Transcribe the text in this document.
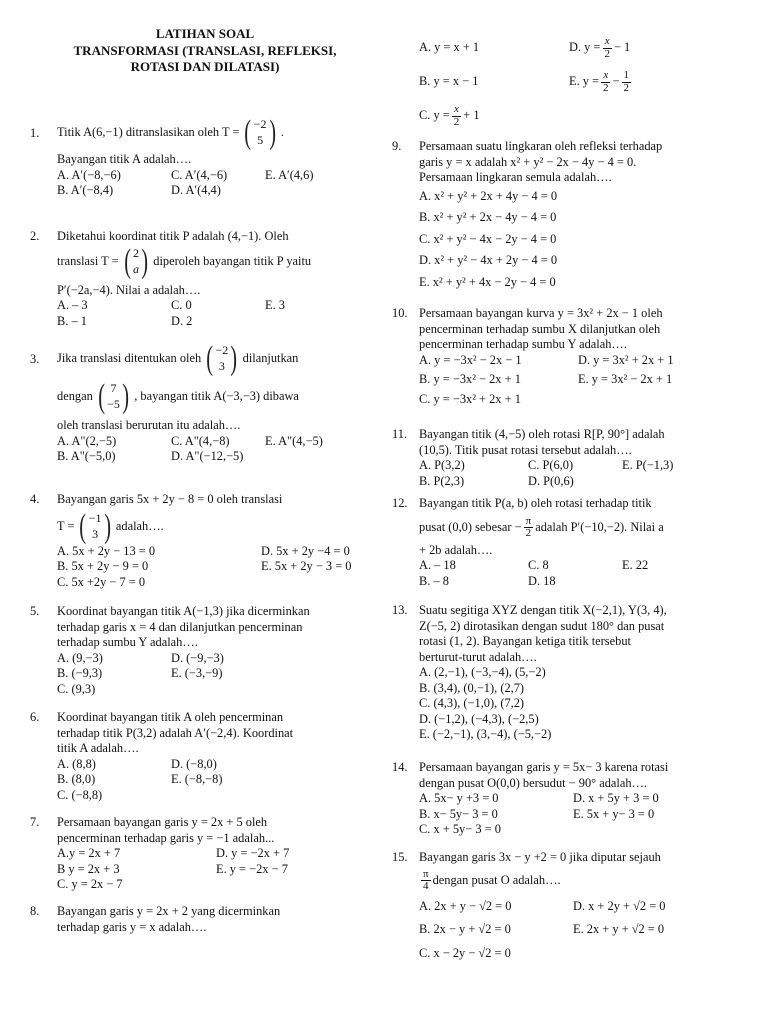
LATIHAN SOAL
TRANSFORMASI (TRANSLASI, REFLEKSI,
ROTASI DAN DILATASI)
1.	Titik A(6,−1) ditranslasikan oleh T = ( −2
5 ) .
Bayangan titik A adalah….
A. A′(−8,−6)	C. A′(4,−6)	E. A′(4,6)
B. A′(−8,4)	D. A′(4,4)
2.	Diketahui koordinat titik P adalah (4,−1). Oleh
translasi T = ( 2
a ) diperoleh bayangan titik P yaitu
P′(−2a,−4). Nilai a adalah….
A. – 3	C. 0	E. 3
B. – 1	D. 2
3.	Jika translasi ditentukan oleh ( −2
3 ) dilanjutkan

dengan ( 7
−5 ) , bayangan titik A(−3,−3) dibawa
oleh translasi berurutan itu adalah….
A. A"(2,−5)	C. A"(4,−8)	E. A"(4,−5)
B. A"(−5,0)	D. A"(−12,−5)
4.	Bayangan garis 5x + 2y − 8 = 0 oleh translasi
T = ( −1
3 ) adalah….
A. 5x + 2y − 13 = 0	D. 5x + 2y −4 = 0
B. 5x + 2y − 9 = 0	E. 5x + 2y − 3 = 0
C. 5x +2y − 7 = 0
5.	Koordinat bayangan titik A(−1,3) jika dicerminkan
terhadap garis x = 4 dan dilanjutkan pencerminan
terhadap sumbu Y adalah….
A. (9,−3)	D. (−9,−3)
B. (−9,3)	E. (−3,−9)
C. (9,3)
6.	Koordinat bayangan titik A oleh pencerminan
terhadap titik P(3,2) adalah A′(−2,4). Koordinat
titik A adalah….
A. (8,8)	D. (−8,0)
B. (8,0)	E. (−8,−8)
C. (−8,8)
7.	Persamaan bayangan garis y = 2x + 5 oleh
pencerminan terhadap garis y = −1 adalah...
A.y = 2x + 7	D. y = −2x + 7
B y = 2x + 3	E. y = −2x − 7
C. y = 2x − 7
8.	Bayangan garis y = 2x + 2 yang dicerminkan
terhadap garis y = x adalah….
A. y = x + 1	D. $y = \frac{x}{2} - 1$
B. y = x − 1	E. $y = \frac{x}{2} - \frac{1}{2}$
C. $y = \frac{x}{2} + 1$
9.	Persamaan suatu lingkaran oleh refleksi terhadap
garis y = x adalah x² + y² − 2x − 4y − 4 = 0.
Persamaan lingkaran semula adalah….
A. x² + y² + 2x + 4y − 4 = 0
B. x² + y² + 2x − 4y − 4 = 0
C. x² + y² − 4x − 2y − 4 = 0
D. x² + y² − 4x + 2y − 4 = 0
E. x² + y² + 4x − 2y − 4 = 0
10. Persamaan bayangan kurva y = 3x² + 2x − 1 oleh
pencerminan terhadap sumbu X dilanjutkan oleh
pencerminan terhadap sumbu Y adalah….
A. y = −3x² − 2x − 1	D. y = 3x² + 2x + 1
B. y = −3x² − 2x + 1	E. y = 3x² − 2x + 1
C. y = −3x² + 2x + 1
11. Bayangan titik (4,−5) oleh rotasi R[P, 90°] adalah
(10,5). Titik pusat rotasi tersebut adalah….
A. P(3,2)	C. P(6,0)	E. P(−1,3)
B. P(2,3)	D. P(0,6)
12. Bayangan titik P(a, b) oleh rotasi terhadap titik
pusat (0,0) sebesar − $\frac{\pi}{2}$ adalah P′(−10,−2). Nilai a
+ 2b adalah….
A. – 18	C. 8	E. 22
B. – 8	D. 18
13. Suatu segitiga XYZ dengan titik X(−2,1), Y(3, 4),
Z(−5, 2) dirotasikan dengan sudut 180° dan pusat
rotasi (1, 2). Bayangan ketiga titik tersebut
berturut-turut adalah….
A. (2,−1), (−3,−4), (5,−2)
B. (3,4), (0,−1), (2,7)
C. (4,3), (−1,0), (7,2)
D. (−1,2), (−4,3), (−2,5)
E. (−2,−1), (3,−4), (−5,−2)
14. Persamaan bayangan garis y = 5x− 3 karena rotasi
dengan pusat O(0,0) bersudut − 90° adalah….
A. 5x− y +3 = 0	D. x + 5y + 3 = 0
B. x− 5y− 3 = 0	E. 5x + y− 3 = 0
C. x + 5y− 3 = 0
15. Bayangan garis 3x − y +2 = 0 jika diputar sejauh
$\frac{\pi}{4}$ dengan pusat O adalah….
A. 2x + y − √2 = 0	D. x + 2y + √2 = 0
B. 2x − y + √2 = 0	E. 2x + y + √2 = 0
C. x − 2y − √2 = 0
